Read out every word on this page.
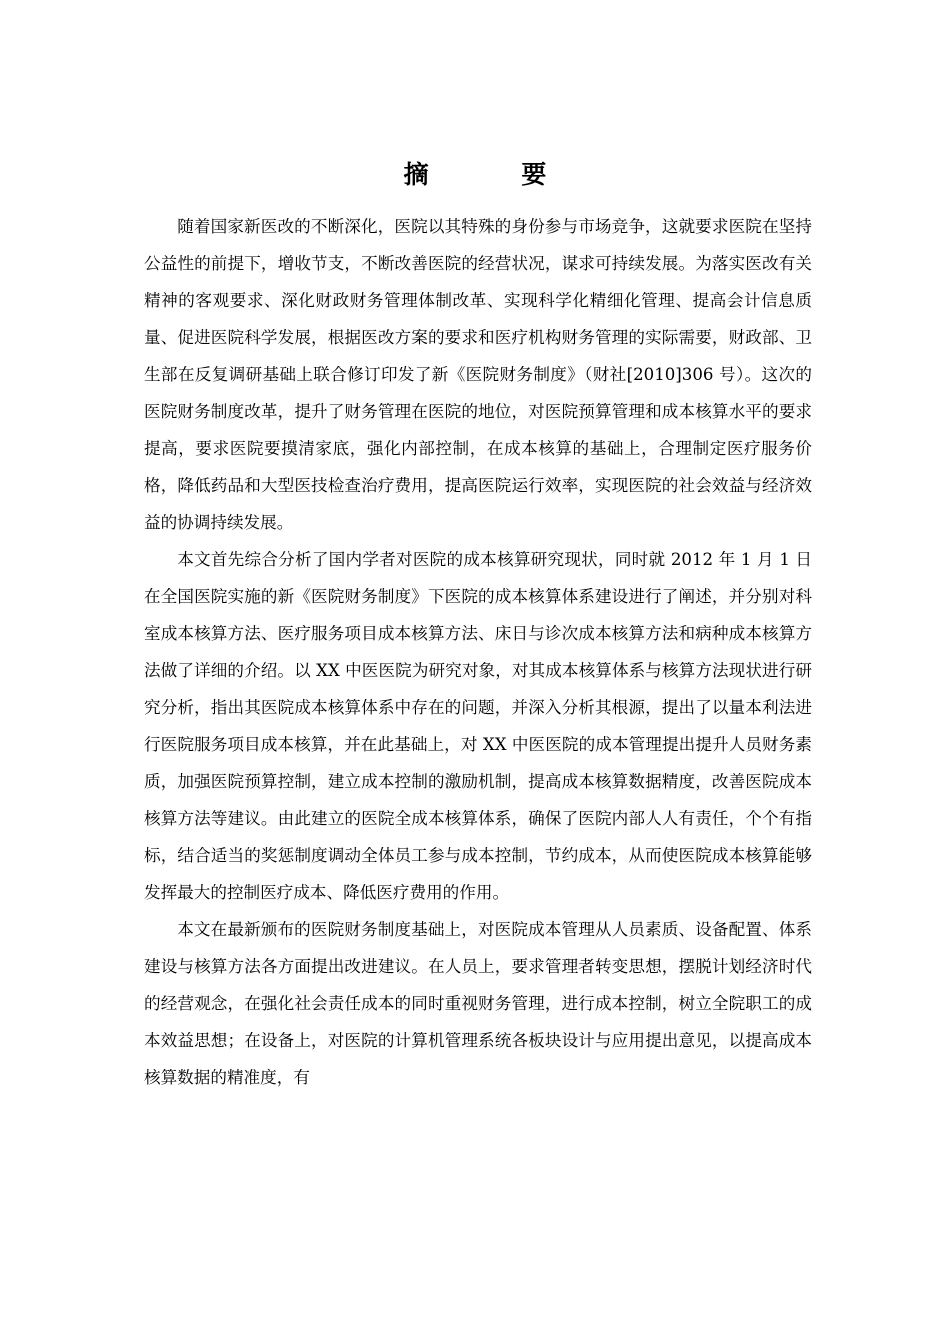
摘 要

随着国家新医改的不断深化，医院以其特殊的身份参与市场竞争，这就要求医院在坚持公益性的前提下，增收节支，不断改善医院的经营状况，谋求可持续发展。为落实医改有关精神的客观要求、深化财政财务管理体制改革、实现科学化精细化管理、提高会计信息质量、促进医院科学发展，根据医改方案的要求和医疗机构财务管理的实际需要，财政部、卫生部在反复调研基础上联合修订印发了新《医院财务制度》（财社[2010]306 号）。这次的医院财务制度改革，提升了财务管理在医院的地位，对医院预算管理和成本核算水平的要求提高，要求医院要摸清家底，强化内部控制，在成本核算的基础上，合理制定医疗服务价格，降低药品和大型医技检查治疗费用，提高医院运行效率，实现医院的社会效益与经济效益的协调持续发展。

本文首先综合分析了国内学者对医院的成本核算研究现状，同时就 2012 年 1 月 1 日在全国医院实施的新《医院财务制度》下医院的成本核算体系建设进行了阐述，并分别对科室成本核算方法、医疗服务项目成本核算方法、床日与诊次成本核算方法和病种成本核算方法做了详细的介绍。以 XX 中医医院为研究对象，对其成本核算体系与核算方法现状进行研究分析，指出其医院成本核算体系中存在的问题，并深入分析其根源，提出了以量本利法进行医院服务项目成本核算，并在此基础上，对 XX 中医医院的成本管理提出提升人员财务素质，加强医院预算控制，建立成本控制的激励机制，提高成本核算数据精度，改善医院成本核算方法等建议。由此建立的医院全成本核算体系，确保了医院内部人人有责任，个个有指标，结合适当的奖惩制度调动全体员工参与成本控制，节约成本，从而使医院成本核算能够发挥最大的控制医疗成本、降低医疗费用的作用。

本文在最新颁布的医院财务制度基础上，对医院成本管理从人员素质、设备配置、体系建设与核算方法各方面提出改进建议。在人员上，要求管理者转变思想，摆脱计划经济时代的经营观念，在强化社会责任成本的同时重视财务管理，进行成本控制，树立全院职工的成本效益思想；在设备上，对医院的计算机管理系统各板块设计与应用提出意见，以提高成本核算数据的精准度，有
